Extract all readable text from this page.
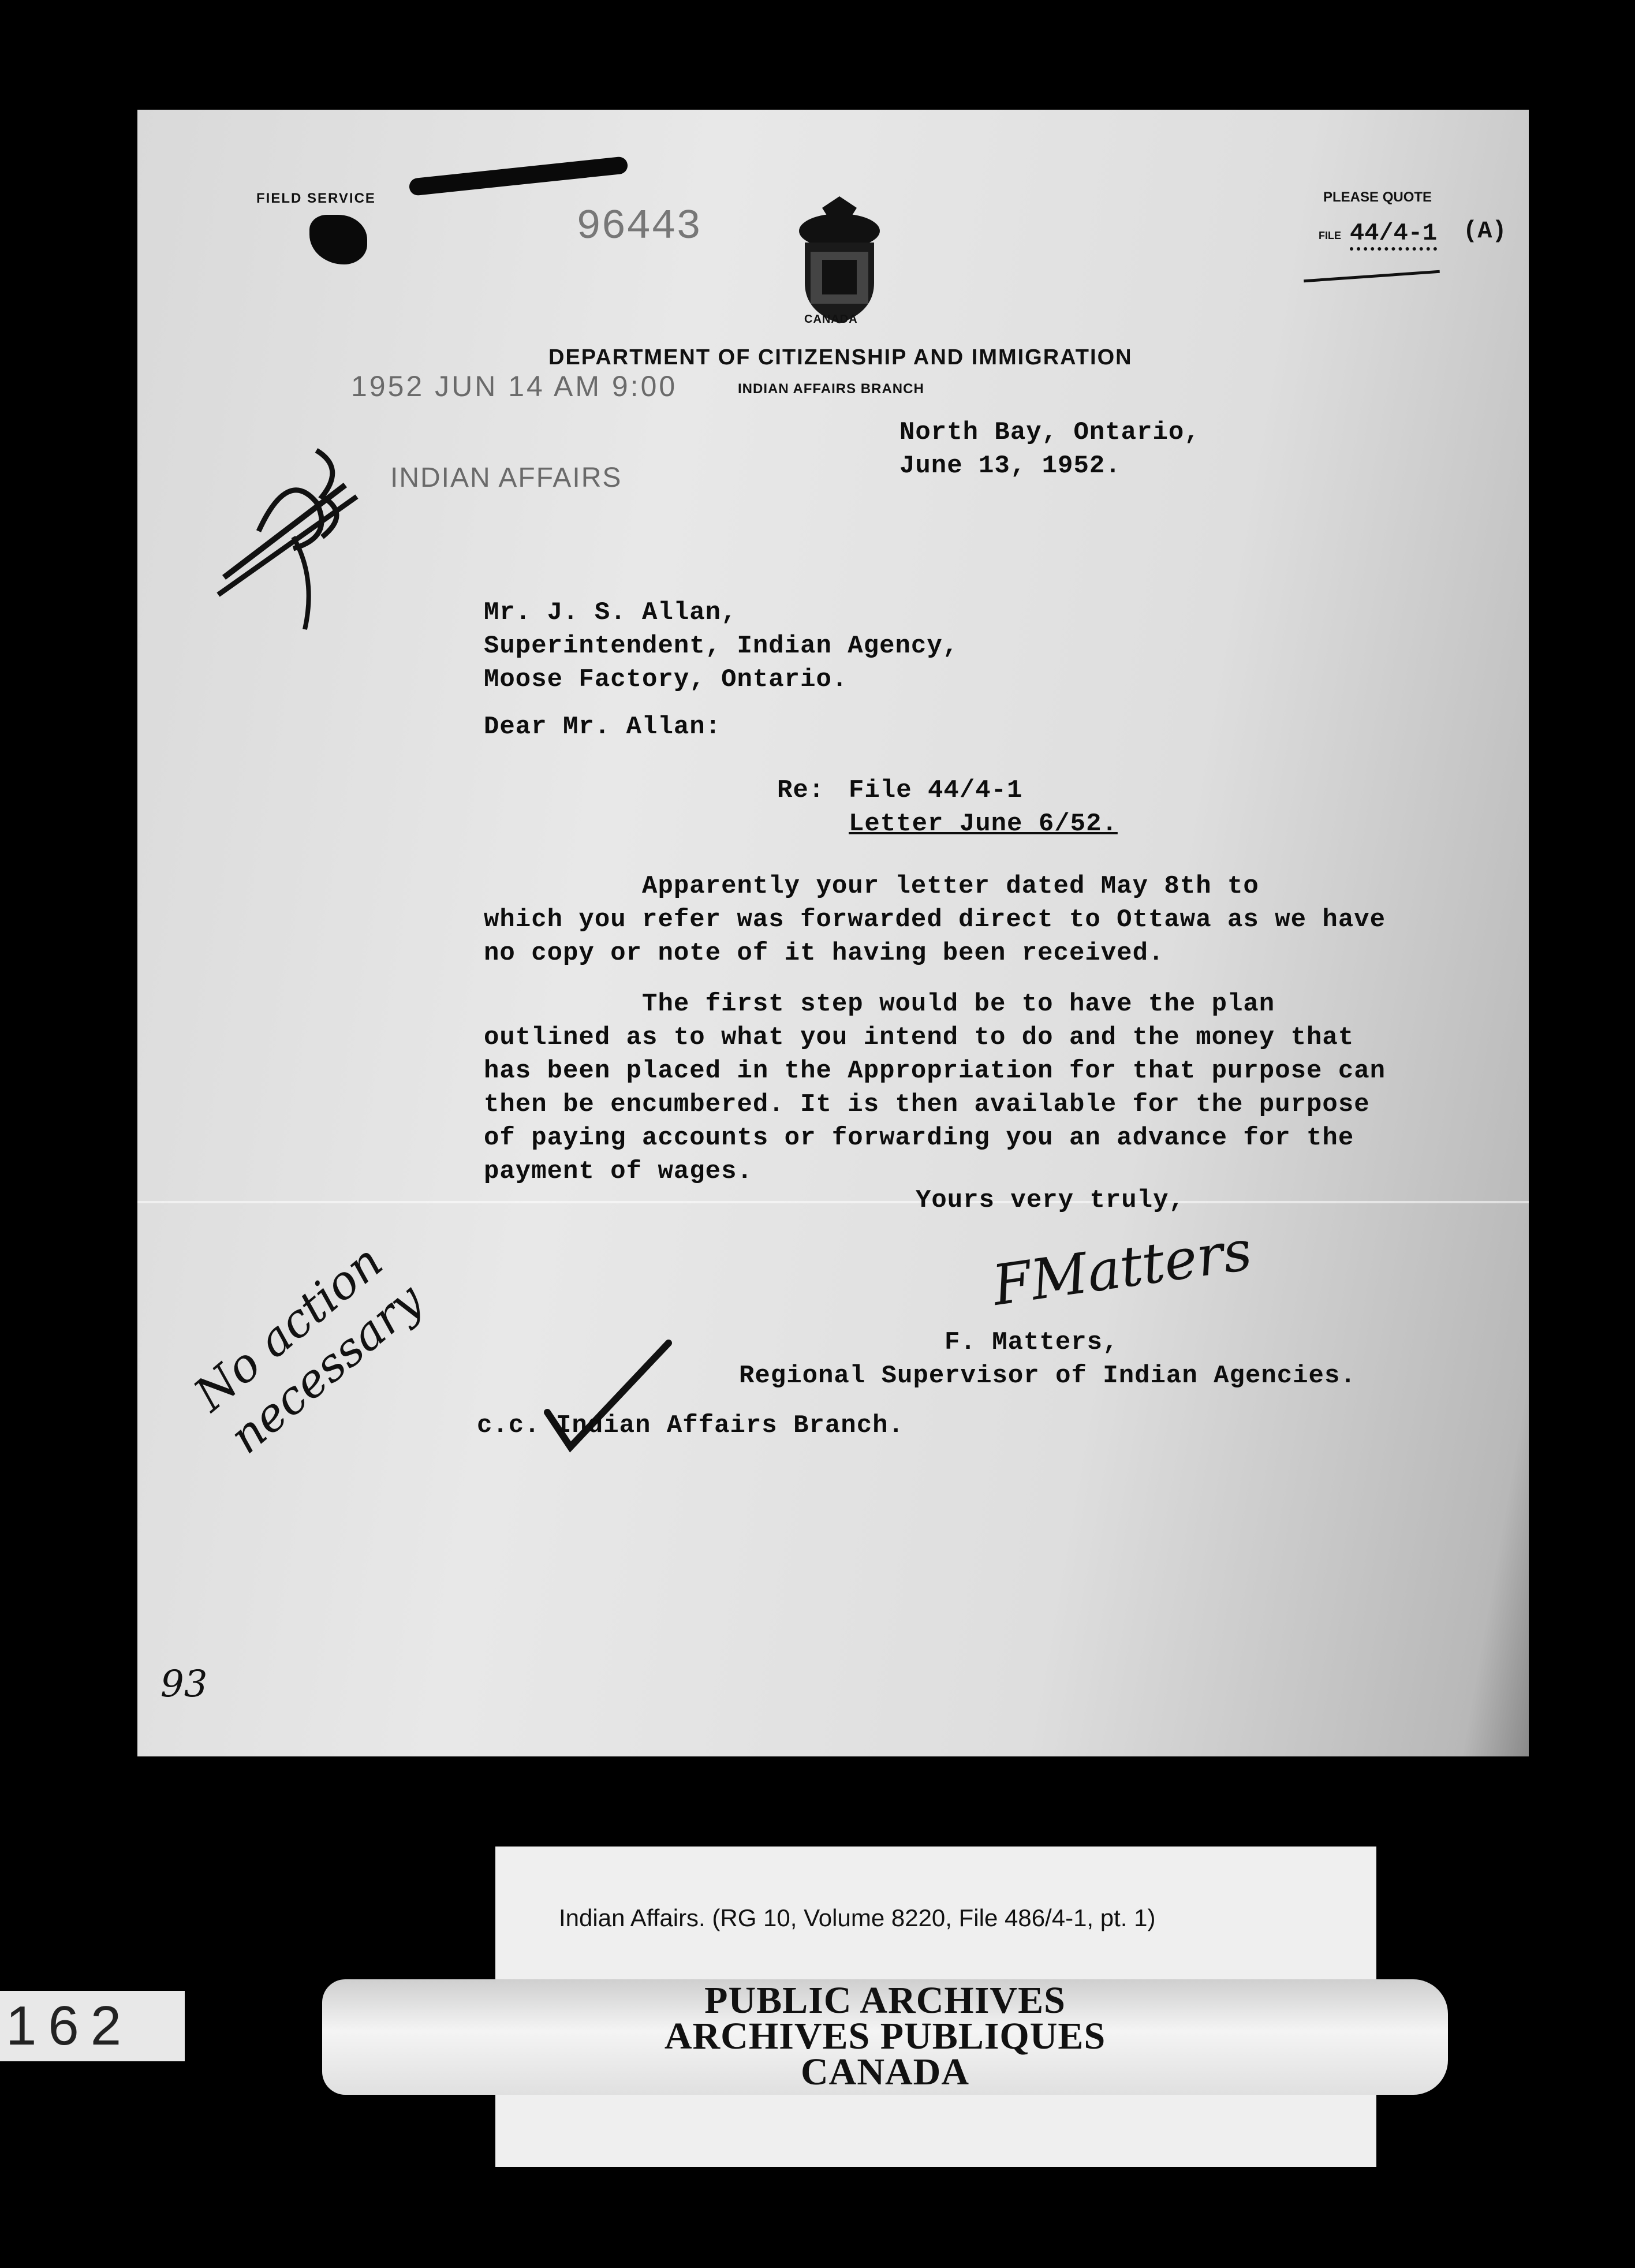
FIELD SERVICE
96443
CANADA
PLEASE QUOTE
FILE 44/4-1 (A)
DEPARTMENT OF CITIZENSHIP AND IMMIGRATION
INDIAN AFFAIRS BRANCH
1952 JUN 14 AM 9:00
INDIAN AFFAIRS
North Bay, Ontario,
June 13, 1952.
Mr. J. S. Allan,
Superintendent, Indian Agency,
Moose Factory, Ontario.
Dear Mr. Allan:
Re: File 44/4-1
Letter June 6/52.
Apparently your letter dated May 8th to
which you refer was forwarded direct to Ottawa as we have
no copy or note of it having been received.
The first step would be to have the plan
outlined as to what you intend to do and the money that
has been placed in the Appropriation for that purpose can
then be encumbered. It is then available for the purpose
of paying accounts or forwarding you an advance for the
payment of wages.
Yours very truly,
FMatters
F. Matters,
Regional Supervisor of Indian Agencies.
c.c. Indian Affairs Branch.
No action necessary
93
Indian Affairs. (RG 10, Volume 8220, File 486/4-1, pt. 1)
PUBLIC ARCHIVES
ARCHIVES PUBLIQUES
CANADA
162
